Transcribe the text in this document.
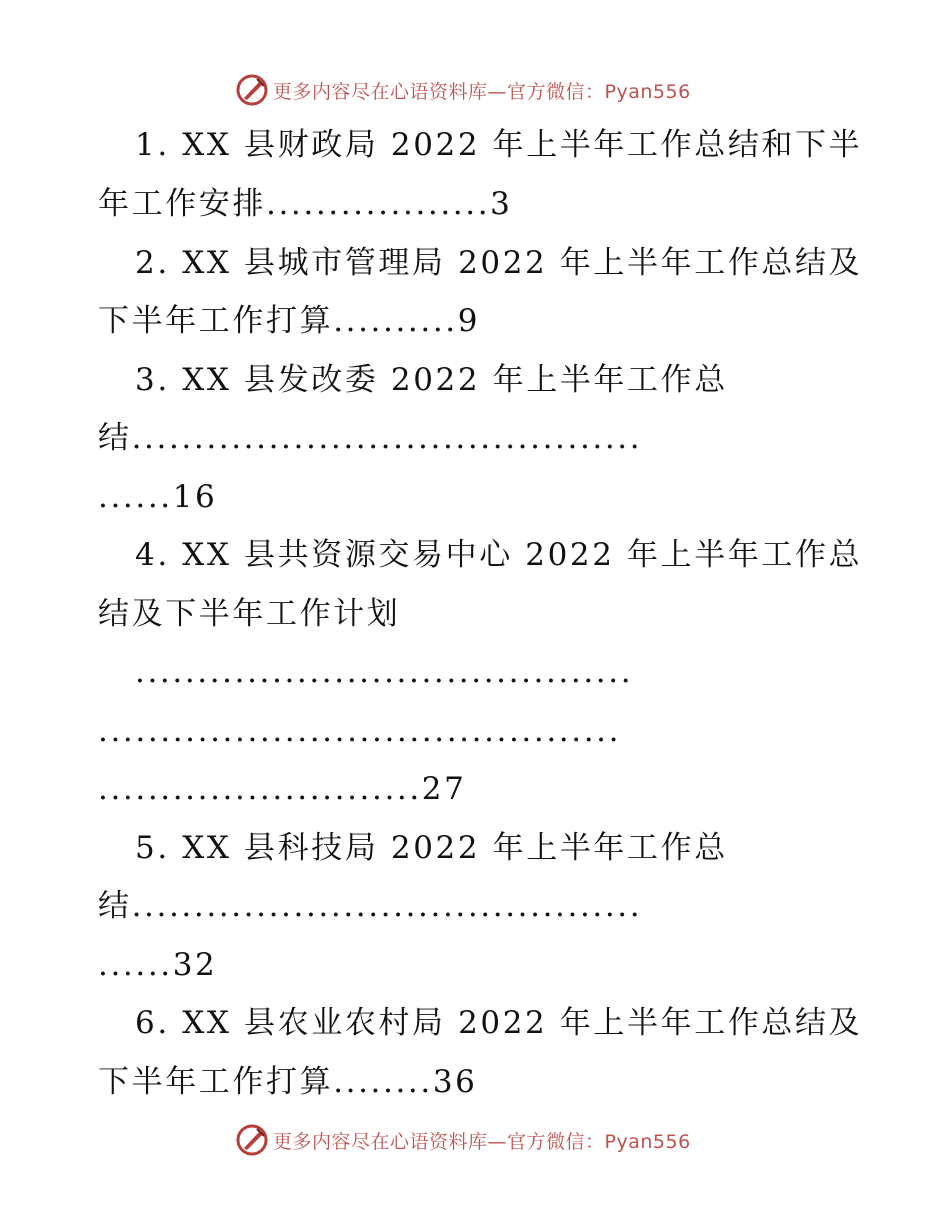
更多内容尽在心语资料库—官方微信：Pyan556
1. XX 县财政局 2022 年上半年工作总结和下半
年工作安排..................3
2. XX 县城市管理局 2022 年上半年工作总结及
下半年工作打算..........9
3. XX 县发改委 2022 年上半年工作总
结.........................................
......16
4. XX 县共资源交易中心 2022 年上半年工作总
结及下半年工作计划
........................................
..........................................
..........................27
5. XX 县科技局 2022 年上半年工作总
结.........................................
......32
6. XX 县农业农村局 2022 年上半年工作总结及
下半年工作打算........36
更多内容尽在心语资料库—官方微信：Pyan556
